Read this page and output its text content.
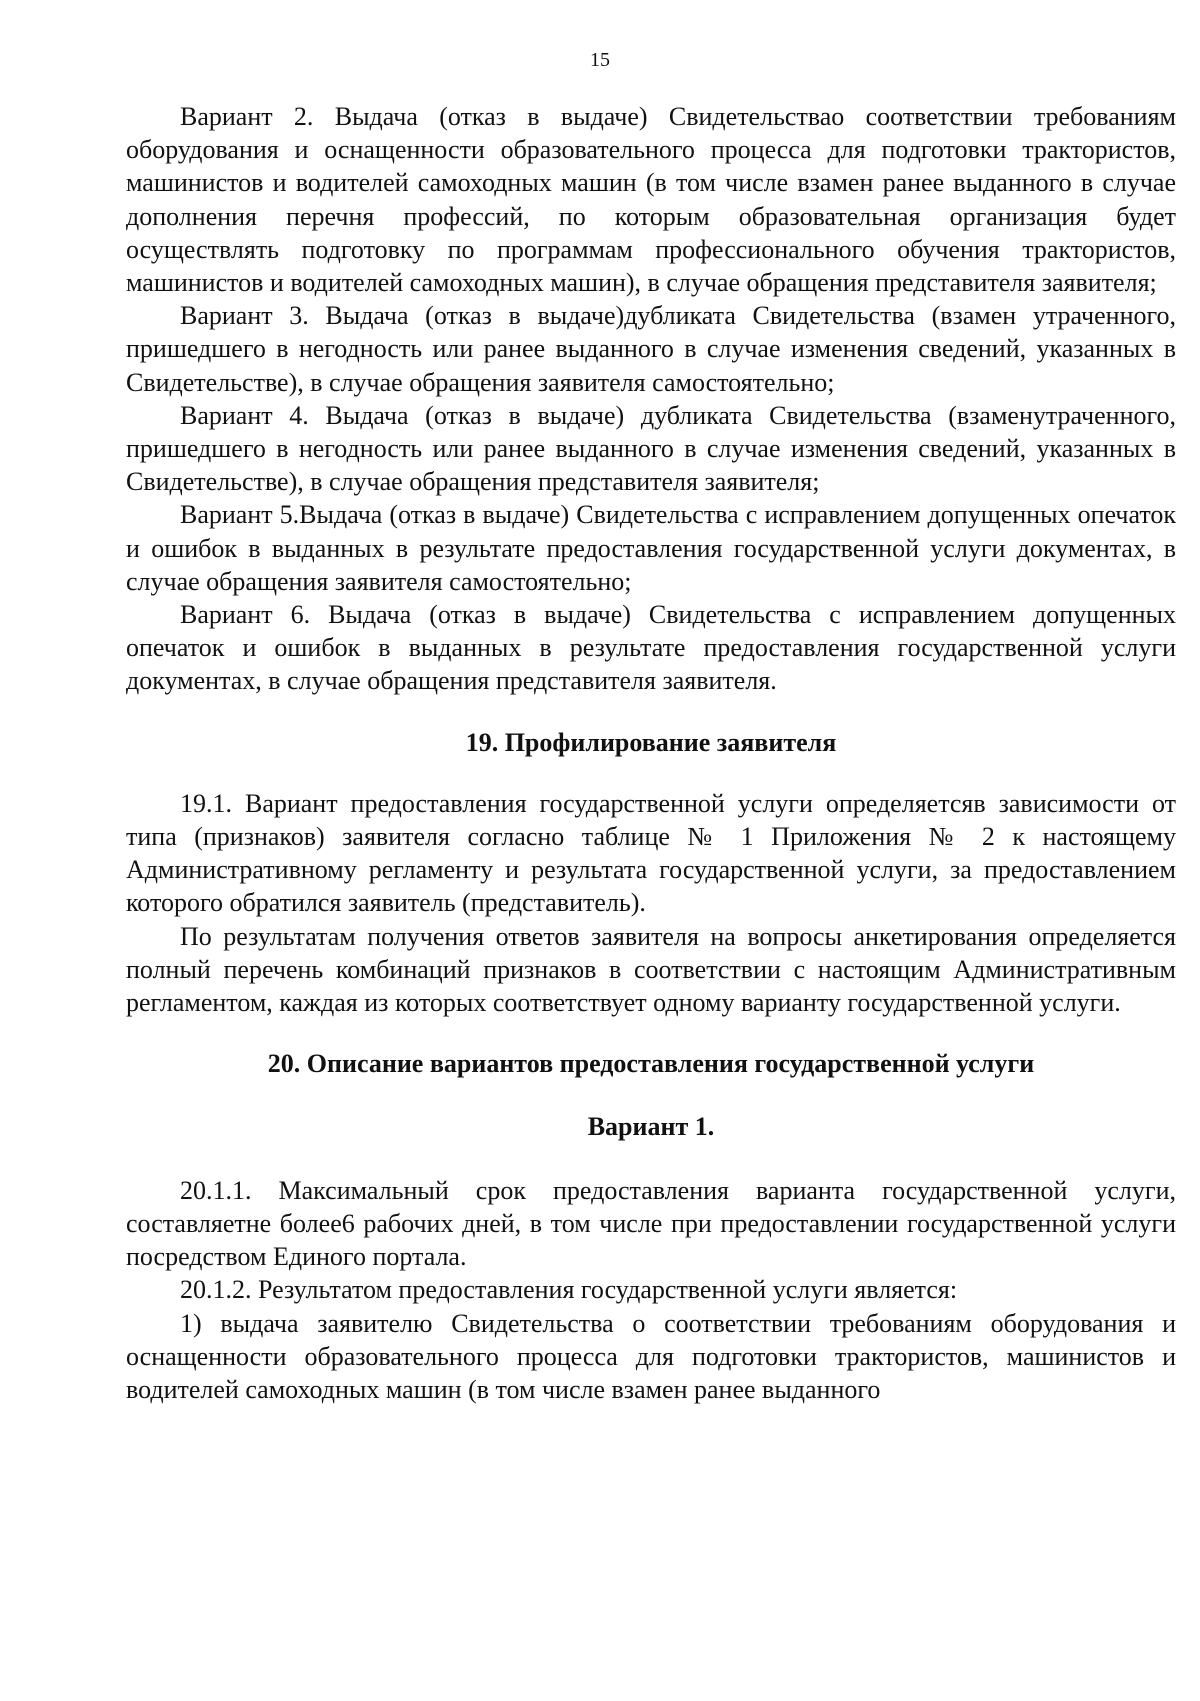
15

Вариант 2. Выдача (отказ в выдаче) Свидетельствао соответствии требованиям оборудования и оснащенности образовательного процесса для подготовки трактористов, машинистов и водителей самоходных машин (в том числе взамен ранее выданного в случае дополнения перечня профессий, по которым образовательная организация будет осуществлять подготовку по программам профессионального обучения трактористов, машинистов и водителей самоходных машин), в случае обращения представителя заявителя;

Вариант 3. Выдача (отказ в выдаче)дубликата Свидетельства (взамен утраченного, пришедшего в негодность или ранее выданного в случае изменения сведений, указанных в Свидетельстве), в случае обращения заявителя самостоятельно;

Вариант 4. Выдача (отказ в выдаче) дубликата Свидетельства (взаменутраченного, пришедшего в негодность или ранее выданного в случае изменения сведений, указанных в Свидетельстве), в случае обращения представителя заявителя;

Вариант 5.Выдача (отказ в выдаче) Свидетельства с исправлением допущенных опечаток и ошибок в выданных в результате предоставления государственной услуги документах, в случае обращения заявителя самостоятельно;

Вариант 6. Выдача (отказ в выдаче) Свидетельства с исправлением допущенных опечаток и ошибок в выданных в результате предоставления государственной услуги документах, в случае обращения представителя заявителя.

19. Профилирование заявителя

19.1. Вариант предоставления государственной услуги определяетсяв зависимости от типа (признаков) заявителя согласно таблице № 1 Приложения № 2 к настоящему Административному регламенту и результата государственной услуги, за предоставлением которого обратился заявитель (представитель).

По результатам получения ответов заявителя на вопросы анкетирования определяется полный перечень комбинаций признаков в соответствии с настоящим Административным регламентом, каждая из которых соответствует одному варианту государственной услуги.

20. Описание вариантов предоставления государственной услуги

Вариант 1.

20.1.1. Максимальный срок предоставления варианта государственной услуги, составляетне более6 рабочих дней, в том числе при предоставлении государственной услуги посредством Единого портала.

20.1.2. Результатом предоставления государственной услуги является:

1) выдача заявителю Свидетельства о соответствии требованиям оборудования и оснащенности образовательного процесса для подготовки трактористов, машинистов и водителей самоходных машин (в том числе взамен ранее выданного
